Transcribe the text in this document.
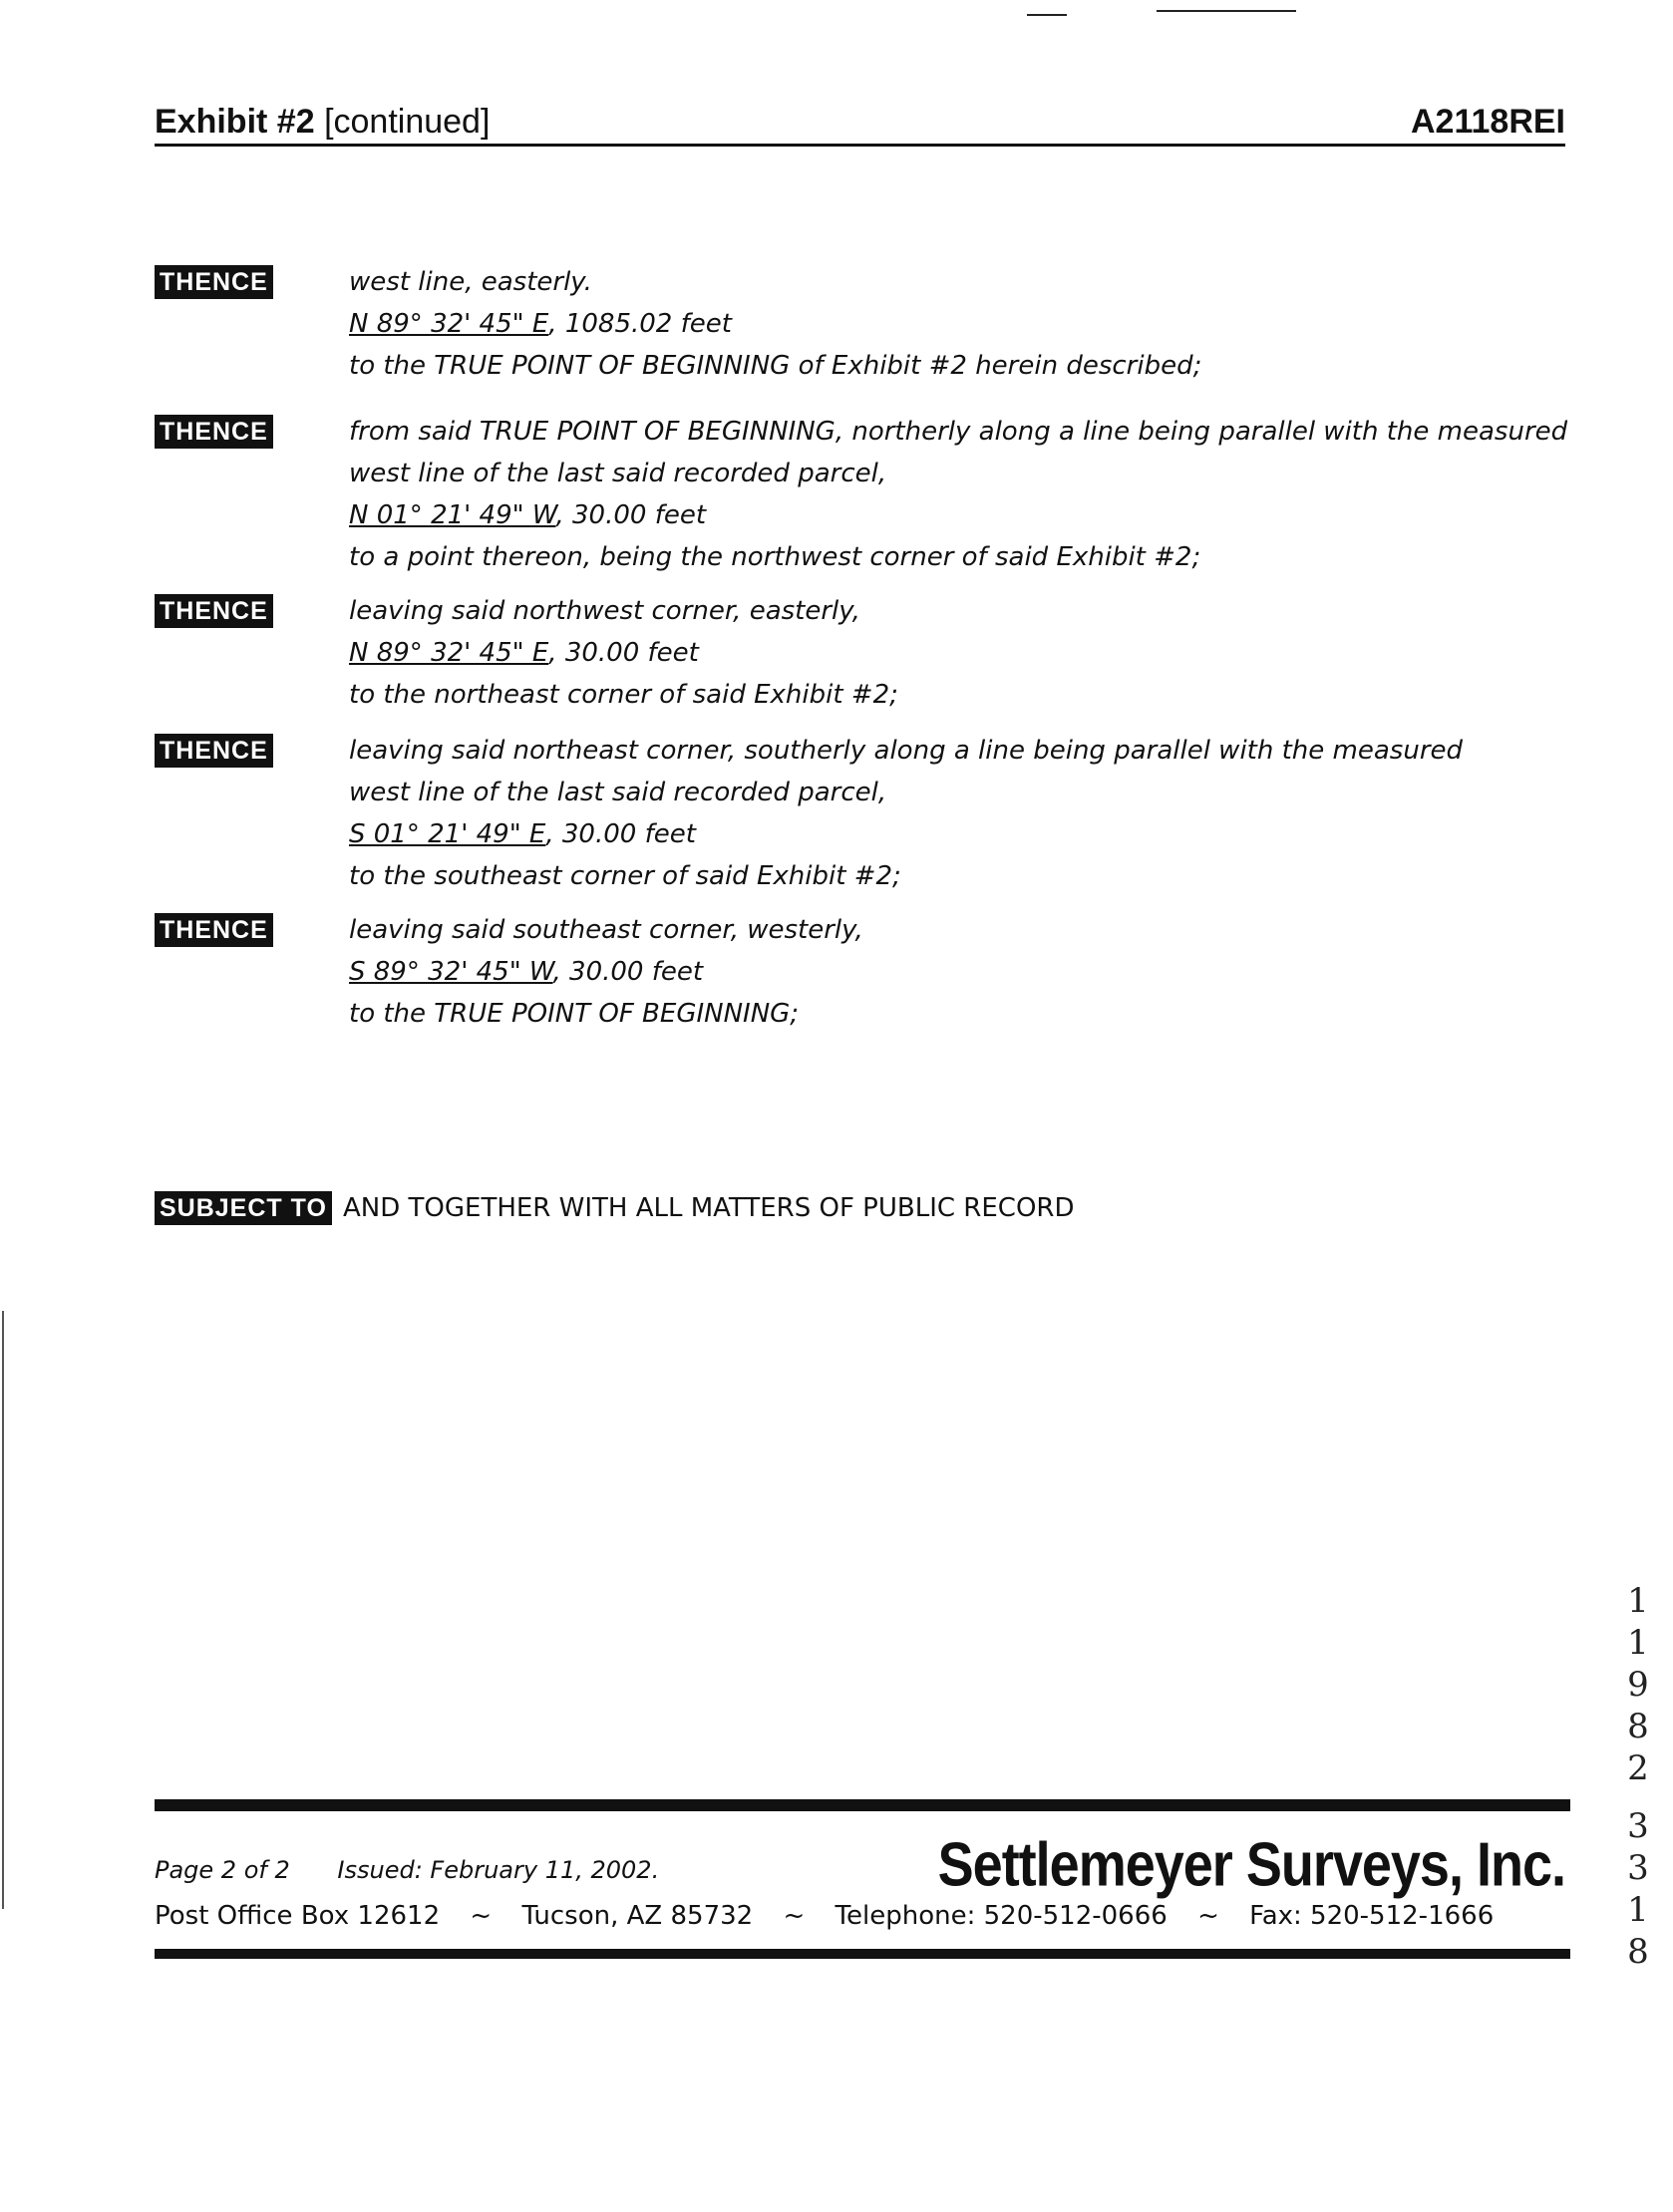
Exhibit #2 [continued]	A2118REI
THENCE	west line, easterly.
N 89° 32' 45" E, 1085.02 feet
to the TRUE POINT OF BEGINNING of Exhibit #2 herein described;
THENCE	from said TRUE POINT OF BEGINNING, northerly along a line being parallel with the measured
west line of the last said recorded parcel,
N 01° 21' 49" W, 30.00 feet
to a point thereon, being the northwest corner of said Exhibit #2;
THENCE	leaving said northwest corner, easterly,
N 89° 32' 45" E, 30.00 feet
to the northeast corner of said Exhibit #2;
THENCE	leaving said northeast corner, southerly along a line being parallel with the measured
west line of the last said recorded parcel,
S 01° 21' 49" E, 30.00 feet
to the southeast corner of said Exhibit #2;
THENCE	leaving said southeast corner, westerly,
S 89° 32' 45" W, 30.00 feet
to the TRUE POINT OF BEGINNING;
SUBJECT TO AND TOGETHER WITH ALL MATTERS OF PUBLIC RECORD
Page 2 of 2 Issued: February 11, 2002.	Settlemeyer Surveys, Inc.
Post Office Box 12612 ~ Tucson, AZ 85732 ~ Telephone: 520-512-0666 ~ Fax: 520-512-1666
1
1
9
8
2
3
3
1
8
